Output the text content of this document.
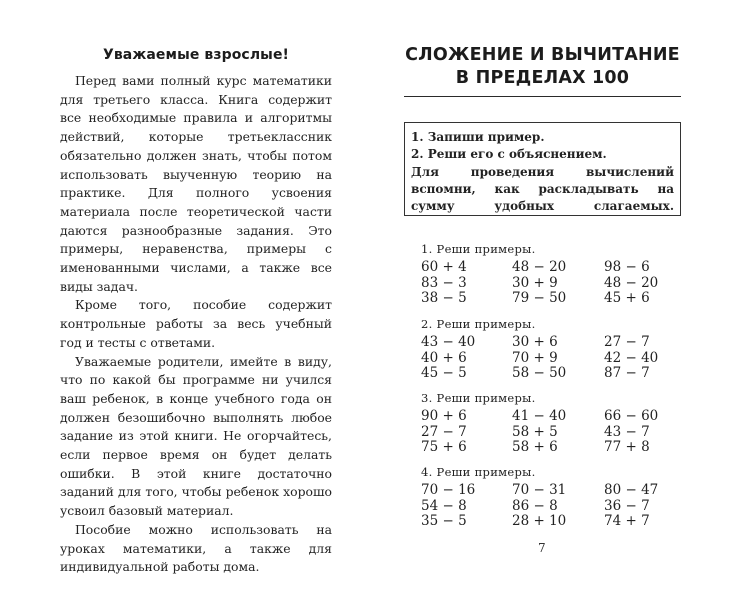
Уважаемые взрослые!

Перед вами полный курс математики для третьего класса. Книга содержит все необходимые правила и алгоритмы действий, которые третьеклассник обязательно должен знать, чтобы потом использовать выученную теорию на практике. Для полного усвоения материала после теоретической части даются разнообразные задания. Это примеры, неравенства, примеры с именованными числами, а также все виды задач.

Кроме того, пособие содержит контрольные работы за весь учебный год и тесты с ответами.

Уважаемые родители, имейте в виду, что по какой бы программе ни учился ваш ребенок, в конце учебного года он должен безошибочно выполнять любое задание из этой книги. Не огорчайтесь, если первое время он будет делать ошибки. В этой книге достаточно заданий для того, чтобы ребенок хорошо усвоил базовый материал.

Пособие можно использовать на уроках математики, а также для индивидуальной работы дома.

СЛОЖЕНИЕ И ВЫЧИТАНИЕ
В ПРЕДЕЛАХ 100
1. Запиши пример.
2. Реши его с объяснением.
Для проведения вычислений вспомни, как раскладывать на сумму удобных слагаемых.
1. Реши примеры.
60 + 4	48 − 20	98 − 6
83 − 3	30 + 9	48 − 20
38 − 5	79 − 50	45 + 6
2. Реши примеры.
43 − 40	30 + 6	27 − 7
40 + 6	70 + 9	42 − 40
45 − 5	58 − 50	87 − 7
3. Реши примеры.
90 + 6	41 − 40	66 − 60
27 − 7	58 + 5	43 − 7
75 + 6	58 + 6	77 + 8
4. Реши примеры.
70 − 16	70 − 31	80 − 47
54 − 8	86 − 8	36 − 7
35 − 5	28 + 10	74 + 7
7
